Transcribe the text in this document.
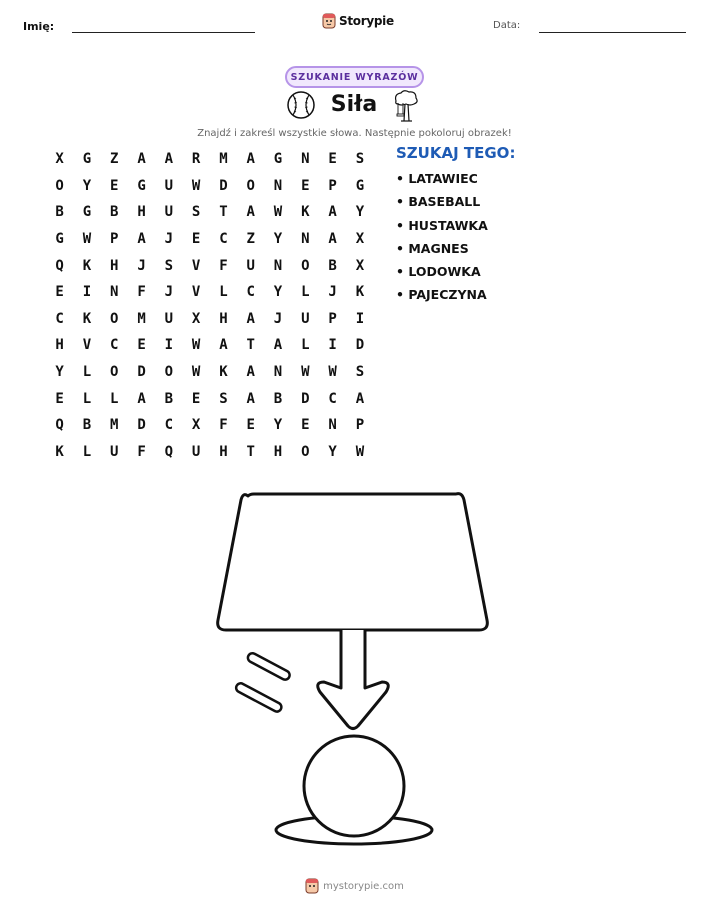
Imię:	Data:
Storypie
SZUKANIE WYRAZÓW
Siła
Znajdź i zakreśl wszystkie słowa. Następnie pokoloruj obrazek!
X	G	Z	A	A	R	M	A	G	N	E	S
O	Y	E	G	U	W	D	O	N	E	P	G
B	G	B	H	U	S	T	A	W	K	A	Y
G	W	P	A	J	E	C	Z	Y	N	A	X
Q	K	H	J	S	V	F	U	N	O	B	X
E	I	N	F	J	V	L	C	Y	L	J	K
C	K	O	M	U	X	H	A	J	U	P	I
H	V	C	E	I	W	A	T	A	L	I	D
Y	L	O	D	O	W	K	A	N	W	W	S
E	L	L	A	B	E	S	A	B	D	C	A
Q	B	M	D	C	X	F	E	Y	E	N	P
K	L	U	F	Q	U	H	T	H	O	Y	W
SZUKAJ TEGO:
• LATAWIEC
• BASEBALL
• HUSTAWKA
• MAGNES
• LODOWKA
• PAJECZYNA
mystorypie.com
